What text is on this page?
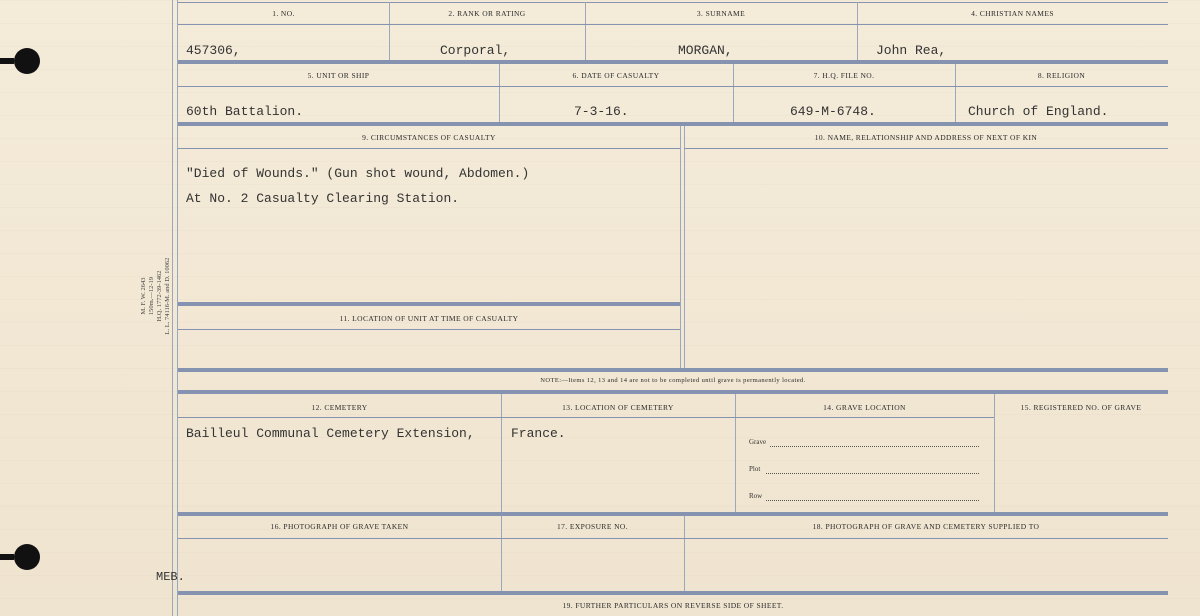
M. F. W. 2643 150m.—12-19 H.Q. 1772-39-1462 L. L. 74116-M. and D. 10062
1. NO.	2. RANK OR RATING	3. SURNAME	4. CHRISTIAN NAMES
457306,	Corporal,	MORGAN,	John Rea,
5. UNIT OR SHIP	6. DATE OF CASUALTY	7. H.Q. FILE NO.	8. RELIGION
60th Battalion.	7-3-16.	649-M-6748.	Church of England.
9. CIRCUMSTANCES OF CASUALTY	10. NAME, RELATIONSHIP AND ADDRESS OF NEXT OF KIN
"Died of Wounds." (Gun shot wound, Abdomen.)
At No. 2 Casualty Clearing Station.
11. LOCATION OF UNIT AT TIME OF CASUALTY
NOTE:—Items 12, 13 and 14 are not to be completed until grave is permanently located.
12. CEMETERY	13. LOCATION OF CEMETERY	14. GRAVE LOCATION	15. REGISTERED NO. OF GRAVE
Bailleul Communal Cemetery Extension,	France.
Grave
Plot
Row
16. PHOTOGRAPH OF GRAVE TAKEN	17. EXPOSURE NO.	18. PHOTOGRAPH OF GRAVE AND CEMETERY SUPPLIED TO
MEB.
19. FURTHER PARTICULARS ON REVERSE SIDE OF SHEET.
